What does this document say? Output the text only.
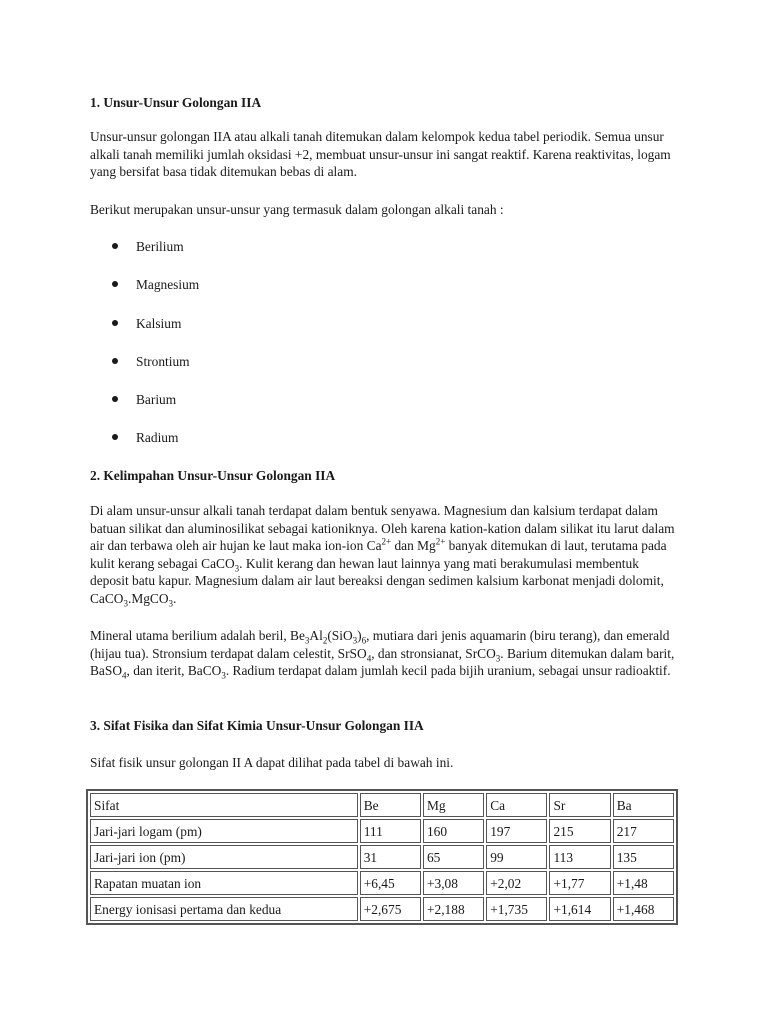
1. Unsur-Unsur Golongan IIA

Unsur-unsur golongan IIA atau alkali tanah ditemukan dalam kelompok kedua tabel periodik. Semua unsur alkali tanah memiliki jumlah oksidasi +2, membuat unsur-unsur ini sangat reaktif. Karena reaktivitas, logam yang bersifat basa tidak ditemukan bebas di alam.

Berikut merupakan unsur-unsur yang termasuk dalam golongan alkali tanah :

Berilium
Magnesium
Kalsium
Strontium
Barium
Radium
2. Kelimpahan Unsur-Unsur Golongan IIA

Di alam unsur-unsur alkali tanah terdapat dalam bentuk senyawa. Magnesium dan kalsium terdapat dalam batuan silikat dan aluminosilikat sebagai kationiknya. Oleh karena kation-kation dalam silikat itu larut dalam air dan terbawa oleh air hujan ke laut maka ion-ion $Ca^{2+}$ dan $Mg^{2+}$ banyak ditemukan di laut, terutama pada kulit kerang sebagai CaCO$_3$. Kulit kerang dan hewan laut lainnya yang mati berakumulasi membentuk deposit batu kapur. Magnesium dalam air laut bereaksi dengan sedimen kalsium karbonat menjadi dolomit, CaCO$_3$.MgCO$_3$.

Mineral utama berilium adalah beril, $Be_3Al_2(SiO_3)_6$, mutiara dari jenis aquamarin (biru terang), dan emerald (hijau tua). Stronsium terdapat dalam celestit, SrSO$_4$, dan stronsianat, SrCO$_3$. Barium ditemukan dalam barit, BaSO$_4$, dan iterit, BaCO$_3$. Radium terdapat dalam jumlah kecil pada bijih uranium, sebagai unsur radioaktif.

3. Sifat Fisika dan Sifat Kimia Unsur-Unsur Golongan IIA

Sifat fisik unsur golongan II A dapat dilihat pada tabel di bawah ini.

Sifat	Be	Mg	Ca	Sr	Ba
Jari-jari logam (pm)	111	160	197	215	217
Jari-jari ion (pm)	31	65	99	113	135
Rapatan muatan ion	+6,45	+3,08	+2,02	+1,77	+1,48
Energy ionisasi pertama dan kedua	+2,675	+2,188	+1,735	+1,614	+1,468
